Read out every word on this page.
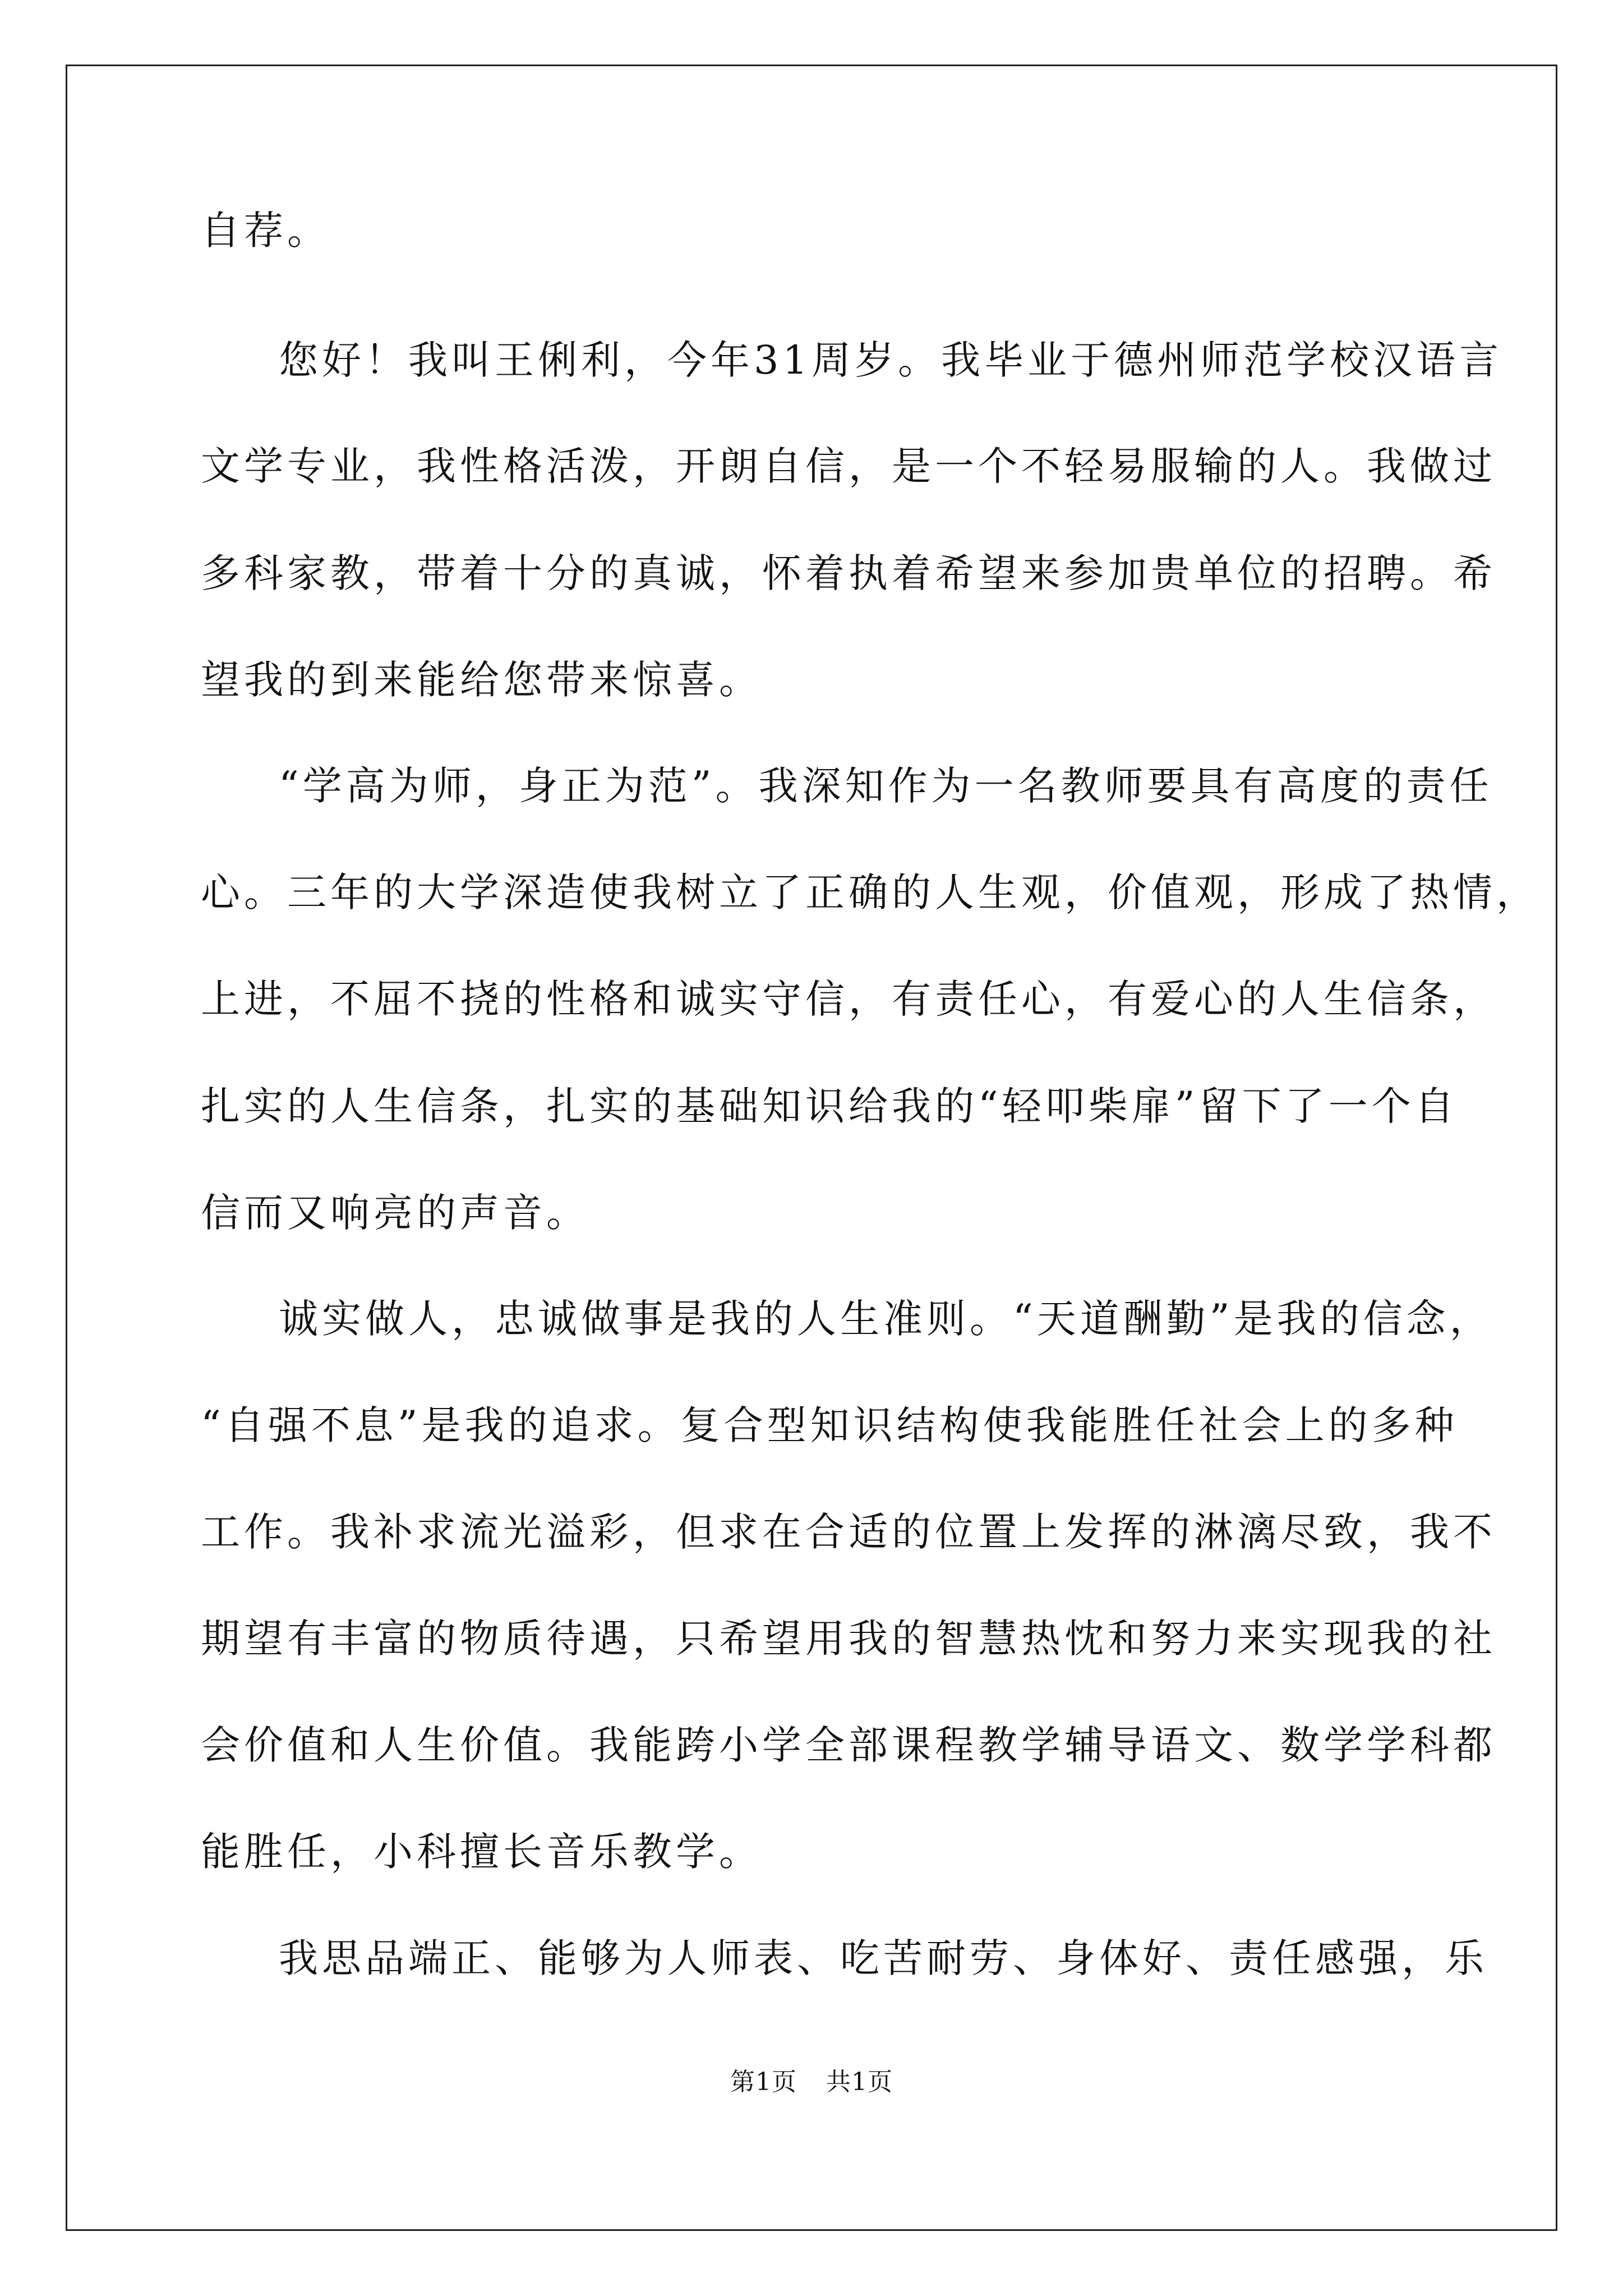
自荐。

您好！我叫王俐利，今年31周岁。我毕业于德州师范学校汉语言

文学专业，我性格活泼，开朗自信，是一个不轻易服输的人。我做过

多科家教，带着十分的真诚，怀着执着希望来参加贵单位的招聘。希

望我的到来能给您带来惊喜。

“学高为师，身正为范”。我深知作为一名教师要具有高度的责任

心。三年的大学深造使我树立了正确的人生观，价值观，形成了热情，

上进，不屈不挠的性格和诚实守信，有责任心，有爱心的人生信条，

扎实的人生信条，扎实的基础知识给我的“轻叩柴扉”留下了一个自

信而又响亮的声音。

诚实做人，忠诚做事是我的人生准则。“天道酬勤”是我的信念，

“自强不息”是我的追求。复合型知识结构使我能胜任社会上的多种

工作。我补求流光溢彩，但求在合适的位置上发挥的淋漓尽致，我不

期望有丰富的物质待遇，只希望用我的智慧热忱和努力来实现我的社

会价值和人生价值。我能跨小学全部课程教学辅导语文、数学学科都

能胜任，小科擅长音乐教学。

我思品端正、能够为人师表、吃苦耐劳、身体好、责任感强，乐

第1页 共1页
